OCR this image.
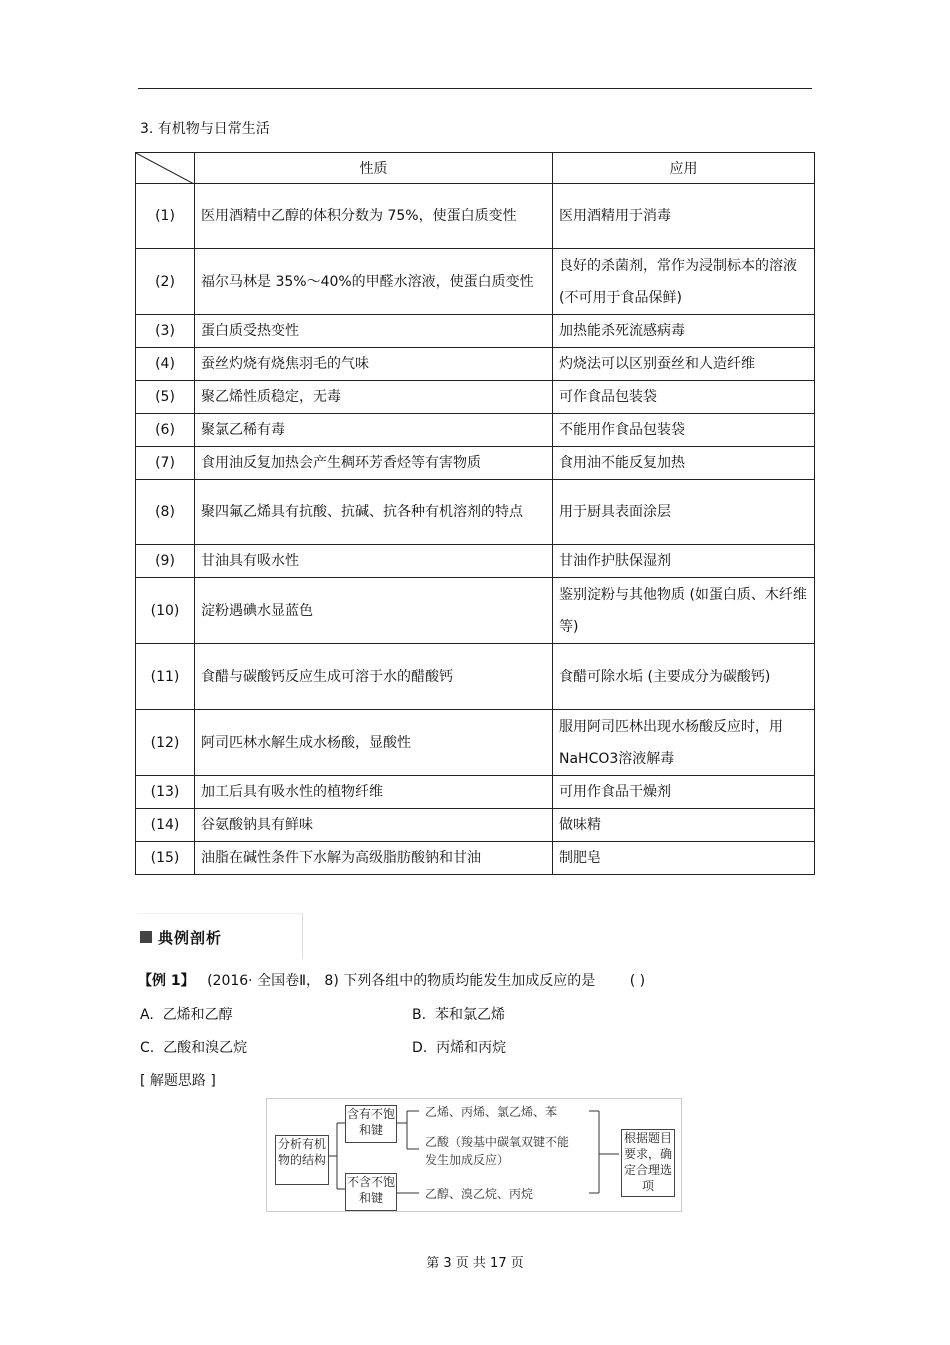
3. 有机物与日常生活
	性质	应用
(1)	医用酒精中乙醇的体积分数为 75%，使蛋白质变性	医用酒精用于消毒
(2)	福尔马林是 35%～40%的甲醛水溶液，使蛋白质变性	良好的杀菌剂，常作为浸制标本的溶液 (不可用于食品保鲜)
(3)	蛋白质受热变性	加热能杀死流感病毒
(4)	蚕丝灼烧有烧焦羽毛的气味	灼烧法可以区别蚕丝和人造纤维
(5)	聚乙烯性质稳定，无毒	可作食品包装袋
(6)	聚氯乙稀有毒	不能用作食品包装袋
(7)	食用油反复加热会产生稠环芳香烃等有害物质	食用油不能反复加热
(8)	聚四氟乙烯具有抗酸、抗碱、抗各种有机溶剂的特点	用于厨具表面涂层
(9)	甘油具有吸水性	甘油作护肤保湿剂
(10)	淀粉遇碘水显蓝色	鉴别淀粉与其他物质 (如蛋白质、木纤维等)
(11)	食醋与碳酸钙反应生成可溶于水的醋酸钙	食醋可除水垢 (主要成分为碳酸钙)
(12)	阿司匹林水解生成水杨酸，显酸性	服用阿司匹林出现水杨酸反应时，用 NaHCO3溶液解毒
(13)	加工后具有吸水性的植物纤维	可用作食品干燥剂
(14)	谷氨酸钠具有鲜味	做味精
(15)	油脂在碱性条件下水解为高级脂肪酸钠和甘油	制肥皂
典例剖析
【例 1】 (2016· 全国卷Ⅱ， 8) 下列各组中的物质均能发生加成反应的是 ( )
A. 乙烯和乙醇	B. 苯和氯乙烯
C. 乙酸和溴乙烷	D. 丙烯和丙烷
[ 解题思路 ]
分析有机物的结构
含有不饱和键
不含不饱和键
乙烯、丙烯、氯乙烯、苯
乙酸（羧基中碳氧双键不能
发生加成反应）
乙醇、溴乙烷、丙烷
根据题目要求，确定合理选项
第 3 页 共 17 页
